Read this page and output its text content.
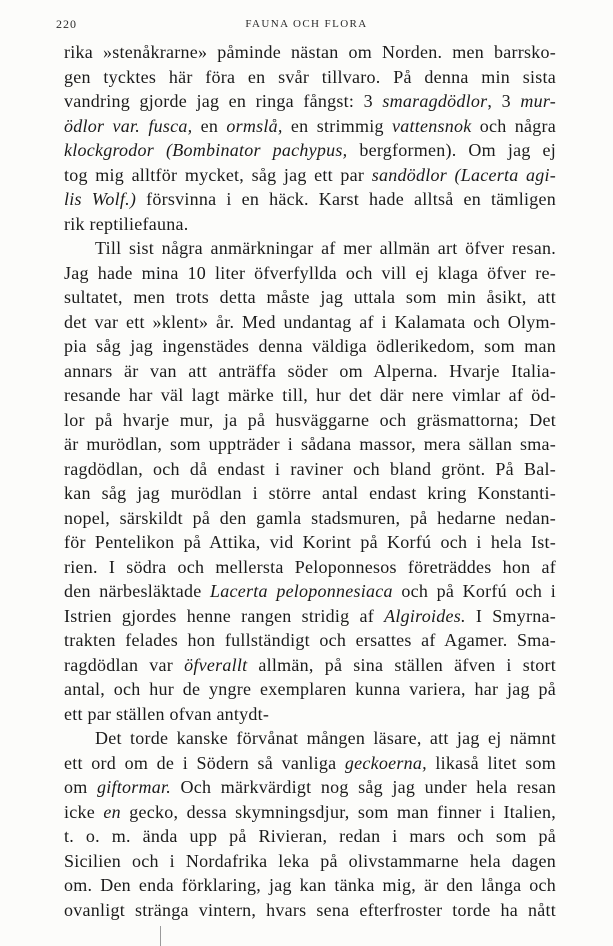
220	FAUNA OCH FLORA
rika »stenåkrarne» påminde nästan om Norden. men barrsko-
gen tycktes här föra en svår tillvaro. På denna min sista
vandring gjorde jag en ringa fångst: 3 smaragdödlor, 3 mur-
ödlor var. fusca, en ormslå, en strimmig vattensnok och några
klockgrodor (Bombinator pachypus, bergformen). Om jag ej
tog mig alltför mycket, såg jag ett par sandödlor (Lacerta agi-
lis Wolf.) försvinna i en häck. Karst hade alltså en tämligen
rik reptiliefauna.
Till sist några anmärkningar af mer allmän art öfver resan.
Jag hade mina 10 liter öfverfyllda och vill ej klaga öfver re-
sultatet, men trots detta måste jag uttala som min åsikt, att
det var ett »klent» år. Med undantag af i Kalamata och Olym-
pia såg jag ingenstädes denna väldiga ödlerikedom, som man
annars är van att anträffa söder om Alperna. Hvarje Italia-
resande har väl lagt märke till, hur det där nere vimlar af öd-
lor på hvarje mur, ja på husväggarne och gräsmattorna; Det
är murödlan, som uppträder i sådana massor, mera sällan sma-
ragdödlan, och då endast i raviner och bland grönt. På Bal-
kan såg jag murödlan i större antal endast kring Konstanti-
nopel, särskildt på den gamla stadsmuren, på hedarne nedan-
för Pentelikon på Attika, vid Korint på Korfú och i hela Ist-
rien. I södra och mellersta Peloponnesos företräddes hon af
den närbesläktade Lacerta peloponnesiaca och på Korfú och i
Istrien gjordes henne rangen stridig af Algiroides. I Smyrna-
trakten felades hon fullständigt och ersattes af Agamer. Sma-
ragdödlan var öfverallt allmän, på sina ställen äfven i stort
antal, och hur de yngre exemplaren kunna variera, har jag på
ett par ställen ofvan antydt-
Det torde kanske förvånat mången läsare, att jag ej nämnt
ett ord om de i Södern så vanliga geckoerna, likaså litet som
om giftormar. Och märkvärdigt nog såg jag under hela resan
icke en gecko, dessa skymningsdjur, som man finner i Italien,
t. o. m. ända upp på Rivieran, redan i mars och som på
Sicilien och i Nordafrika leka på olivstammarne hela dagen
om. Den enda förklaring, jag kan tänka mig, är den långa och
ovanligt stränga vintern, hvars sena efterfroster torde ha nått
